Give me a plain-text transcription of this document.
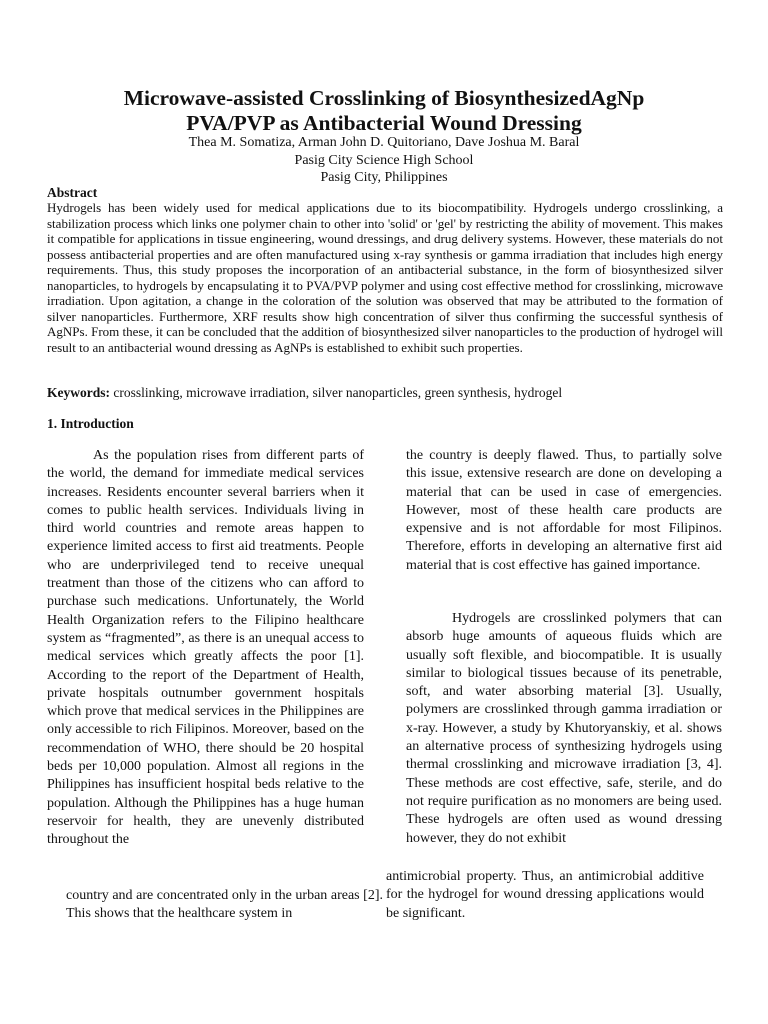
Microwave-assisted Crosslinking of BiosynthesizedAgNp
PVA/PVP as Antibacterial Wound Dressing
Thea M. Somatiza, Arman John D. Quitoriano, Dave Joshua M. Baral
Pasig City Science High School
Pasig City, Philippines
Abstract

Hydrogels has been widely used for medical applications due to its biocompatibility. Hydrogels undergo crosslinking, a stabilization process which links one polymer chain to other into 'solid' or 'gel' by restricting the ability of movement. This makes it compatible for applications in tissue engineering, wound dressings, and drug delivery systems. However, these materials do not possess antibacterial properties and are often manufactured using x-ray synthesis or gamma irradiation that includes high energy requirements. Thus, this study proposes the incorporation of an antibacterial substance, in the form of biosynthesized silver nanoparticles, to hydrogels by encapsulating it to PVA/PVP polymer and using cost effective method for crosslinking, microwave irradiation. Upon agitation, a change in the coloration of the solution was observed that may be attributed to the formation of silver nanoparticles. Furthermore, XRF results show high concentration of silver thus confirming the successful synthesis of AgNPs. From these, it can be concluded that the addition of biosynthesized silver nanoparticles to the production of hydrogel will result to an antibacterial wound dressing as AgNPs is established to exhibit such properties.

Keywords: crosslinking, microwave irradiation, silver nanoparticles, green synthesis, hydrogel
1. Introduction

As the population rises from different parts of the world, the demand for immediate medical services increases. Residents encounter several barriers when it comes to public health services. Individuals living in third world countries and remote areas happen to experience limited access to first aid treatments. People who are underprivileged tend to receive unequal treatment than those of the citizens who can afford to purchase such medications. Unfortunately, the World Health Organization refers to the Filipino healthcare system as “fragmented”, as there is an unequal access to medical services which greatly affects the poor [1]. According to the report of the Department of Health, private hospitals outnumber government hospitals which prove that medical services in the Philippines are only accessible to rich Filipinos. Moreover, based on the recommendation of WHO, there should be 20 hospital beds per 10,000 population. Almost all regions in the Philippines has insufficient hospital beds relative to the population. Although the Philippines has a huge human reservoir for health, they are unevenly distributed throughout the

country and are concentrated only in the urban areas [2]. This shows that the healthcare system in

the country is deeply flawed. Thus, to partially solve this issue, extensive research are done on developing a material that can be used in case of emergencies. However, most of these health care products are expensive and is not affordable for most Filipinos. Therefore, efforts in developing an alternative first aid material that is cost effective has gained importance.

Hydrogels are crosslinked polymers that can absorb huge amounts of aqueous fluids which are usually soft flexible, and biocompatible. It is usually similar to biological tissues because of its penetrable, soft, and water absorbing material [3]. Usually, polymers are crosslinked through gamma irradiation or x-ray. However, a study by Khutoryanskiy, et al. shows an alternative process of synthesizing hydrogels using thermal crosslinking and microwave irradiation [3, 4]. These methods are cost effective, safe, sterile, and do not require purification as no monomers are being used. These hydrogels are often used as wound dressing however, they do not exhibit

antimicrobial property. Thus, an antimicrobial additive for the hydrogel for wound dressing applications would be significant.
